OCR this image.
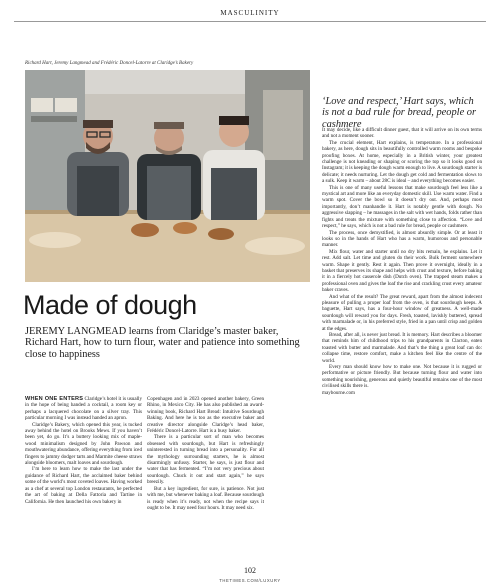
MASCULINITY
Richard Hart, Jeremy Langmead and Frédéric Doncel-Latorre at Claridge’s Bakery
‘Love and respect,’ Hart says, which is not a bad rule for bread, people or cashmere
Made of dough

JEREMY LANGMEAD learns from Claridge’s master baker, Richard Hart, how to turn flour, water and patience into something close to happiness

WHEN ONE ENTERS Claridge’s hotel it is usually in the hope of being handed a cocktail, a room key or perhaps a lacquered chocolate on a silver tray. This particular morning I was instead handed an apron.

Claridge’s Bakery, which opened this year, is tucked away behind the hotel on Brooks Mews. If you haven’t been yet, do go. It’s a buttery looking mix of maple-wood minimalism designed by John Pawson and mouthwatering abundance, offering everything from iced fingers to jammy dodger tarts and Marmite cheese straws alongside bloomers, malt loaves and sourdough.

I’m here to learn how to make the last under the guidance of Richard Hart, the acclaimed baker behind some of the world’s most coveted loaves. Having worked as a chef at several top London restaurants, he perfected the art of baking at Della Fattoria and Tartine in California. He then launched his own bakery in

Copenhagen and in 2023 opened another bakery, Green Rhino, in Mexico City. He has also published an award-winning book, Richard Hart Bread: Intuitive Sourdough Baking. And here he is too as the executive baker and creative director alongside Claridge’s head baker, Frédéric Doncel-Latorre. Hart is a busy baker.

There is a particular sort of man who becomes obsessed with sourdough, but Hart is refreshingly uninterested in turning bread into a personality. For all the mythology surrounding starters, he is almost disarmingly unfussy. Starter, he says, is just flour and water that has fermented. “I’m not very precious about sourdough. Chuck it out and start again,” he says breezily.

But a key ingredient, for sure, is patience. Not just with me, but whenever baking a loaf. Because sourdough is ready when it’s ready, not when the recipe says it ought to be. It may need four hours. It may need six.

It may decide, like a difficult dinner guest, that it will arrive on its own terms and not a moment sooner.

The crucial element, Hart explains, is temperature. In a professional bakery, as here, dough sits in beautifully controlled warm rooms and bespoke proofing boxes. At home, especially in a British winter, your greatest challenge is not kneading or shaping or scoring the top so it looks good on Instagram; it is keeping the dough warm enough to live. A sourdough starter is delicate; it needs nurturing. Let the dough get cold and fermentation slows to a sulk. Keep it warm – about 28C is ideal – and everything becomes easier.

This is one of many useful lessons that make sourdough feel less like a mystical art and more like an everyday domestic skill. Use warm water. Find a warm spot. Cover the bowl so it doesn’t dry out. And, perhaps most importantly, don’t manhandle it. Hart is notably gentle with dough. No aggressive slapping – he massages in the salt with wet hands, folds rather than fights and treats the mixture with something close to affection. “Love and respect,” he says, which is not a bad rule for bread, people or cashmere.

The process, once demystified, is almost absurdly simple. Or at least it looks so in the hands of Hart who has a warm, humorous and personable manner.

Mix flour, water and starter until no dry bits remain, he explains. Let it rest. Add salt. Let time and gluten do their work. Bulk ferment somewhere warm. Shape it gently. Rest it again. Then prove it overnight, ideally in a basket that preserves its shape and helps with crust and texture, before baking it in a fiercely hot casserole dish (Dutch oven). The trapped steam makes a professional oven and gives the loaf the rise and crackling crust every amateur baker craves.

And what of the result? The great reward, apart from the almost indecent pleasure of pulling a proper loaf from the oven, is that sourdough keeps. A baguette, Hart says, has a four-hour window of greatness. A well-made sourdough will reward you for days. Fresh, toasted, lavishly buttered, spread with marmalade or, in his preferred style, fried in a pan until crisp and golden at the edges.

Bread, after all, is never just bread. It is memory. Hart describes a bloomer that reminds him of childhood trips to his grandparents in Clacton, eaten toasted with butter and marmalade. And that’s the thing a great loaf can do: collapse time, restore comfort, make a kitchen feel like the centre of the world.

Every man should know how to make one. Not because it is rugged or performative or picture friendly. But because turning flour and water into something nourishing, generous and quietly beautiful remains one of the most civilised skills there is.

maybourne.com

102
THETIMES.COM/LUXURY
